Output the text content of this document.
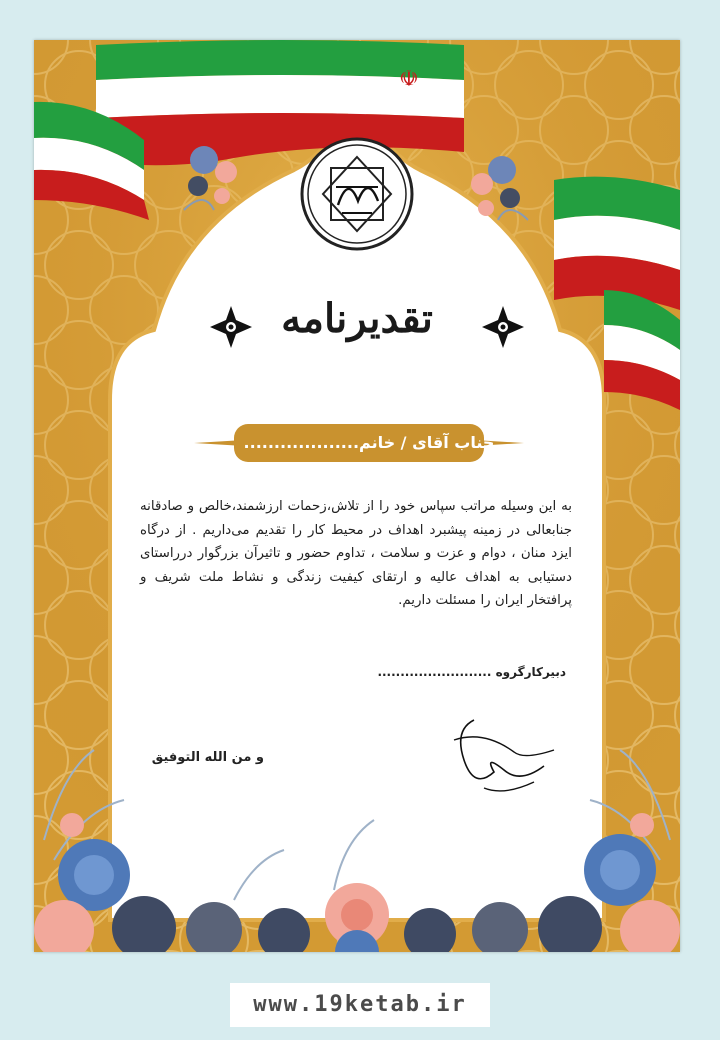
☫
تقدیرنامه
جناب آقای / خانم...................
به این وسیله مراتب سپاس خود را از تلاش،زحمات ارزشمند،خالص و صادقانه جنابعالی در زمینه پیشبرد اهداف در محیط کار را تقدیم می‌داریم . از درگاه ایزد منان ، دوام و عزت و سلامت ، تداوم حضور و تاثیرآن بزرگوار درراستای دستیابی به اهداف عالیه و ارتقای کیفیت زندگی و نشاط ملت شریف و پرافتخار ایران را مسئلت داریم.
دبیرکارگروه .........................
و من الله التوفیق
www.19ketab.ir
